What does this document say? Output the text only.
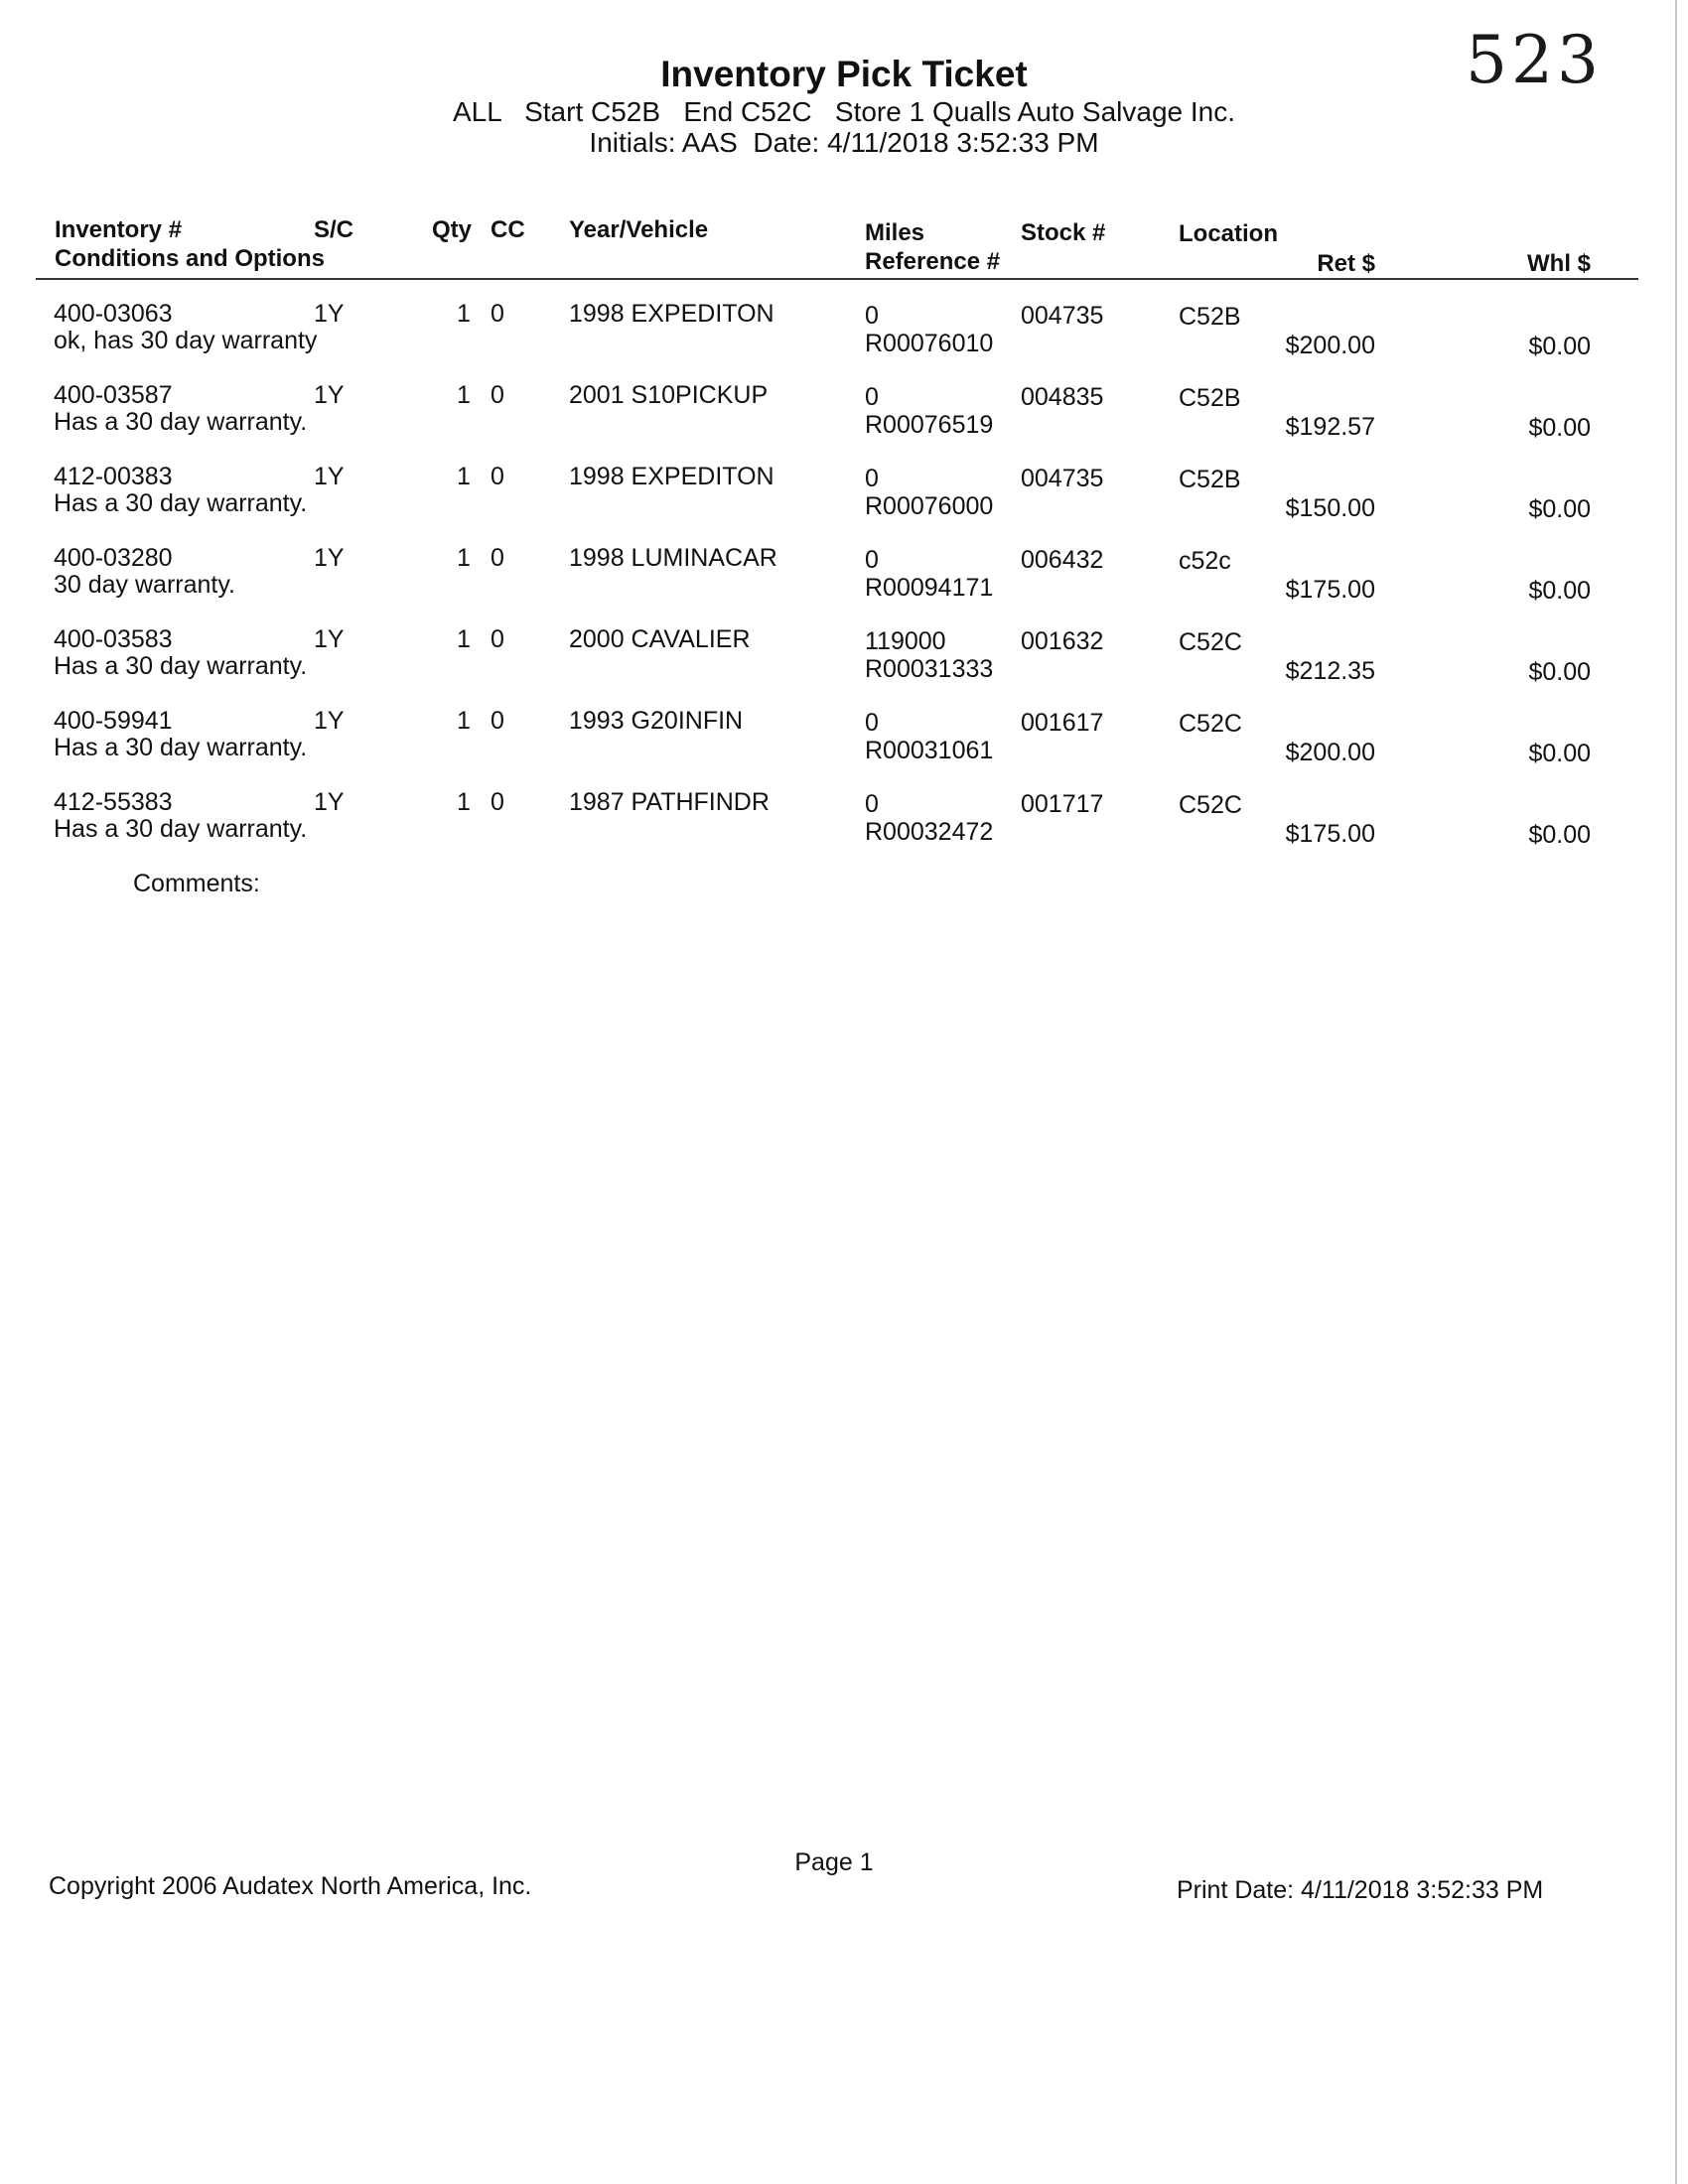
523
Inventory Pick Ticket
ALL   Start C52B   End C52C   Store 1 Qualls Auto Salvage Inc.
Initials: AAS  Date: 4/11/2018 3:52:33 PM
Inventory #
Conditions and Options
S/C	Qty CC Year/Vehicle	Miles
Reference #
Stock #	Location
Ret $	Whl $
400-03063	1Y	1 0	1998 EXPEDITON	0	004735	C52B
ok, has 30 day warranty	R00076010	$200.00	$0.00
400-03587	1Y	1 0	2001 S10PICKUP	0	004835	C52B
Has a 30 day warranty.	R00076519	$192.57	$0.00
412-00383	1Y	1 0	1998 EXPEDITON	0	004735	C52B
Has a 30 day warranty.	R00076000	$150.00	$0.00
400-03280	1Y	1 0	1998 LUMINACAR	0	006432	c52c
30 day warranty.	R00094171	$175.00	$0.00
400-03583	1Y	1 0	2000 CAVALIER	119000	001632	C52C
Has a 30 day warranty.	R00031333	$212.35	$0.00
400-59941	1Y	1 0	1993 G20INFIN	0	001617	C52C
Has a 30 day warranty.	R00031061	$200.00	$0.00
412-55383	1Y	1 0	1987 PATHFINDR	0	001717	C52C
Has a 30 day warranty.	R00032472	$175.00	$0.00
Comments:
Copyright 2006 Audatex North America, Inc.
Page 1
Print Date: 4/11/2018 3:52:33 PM
